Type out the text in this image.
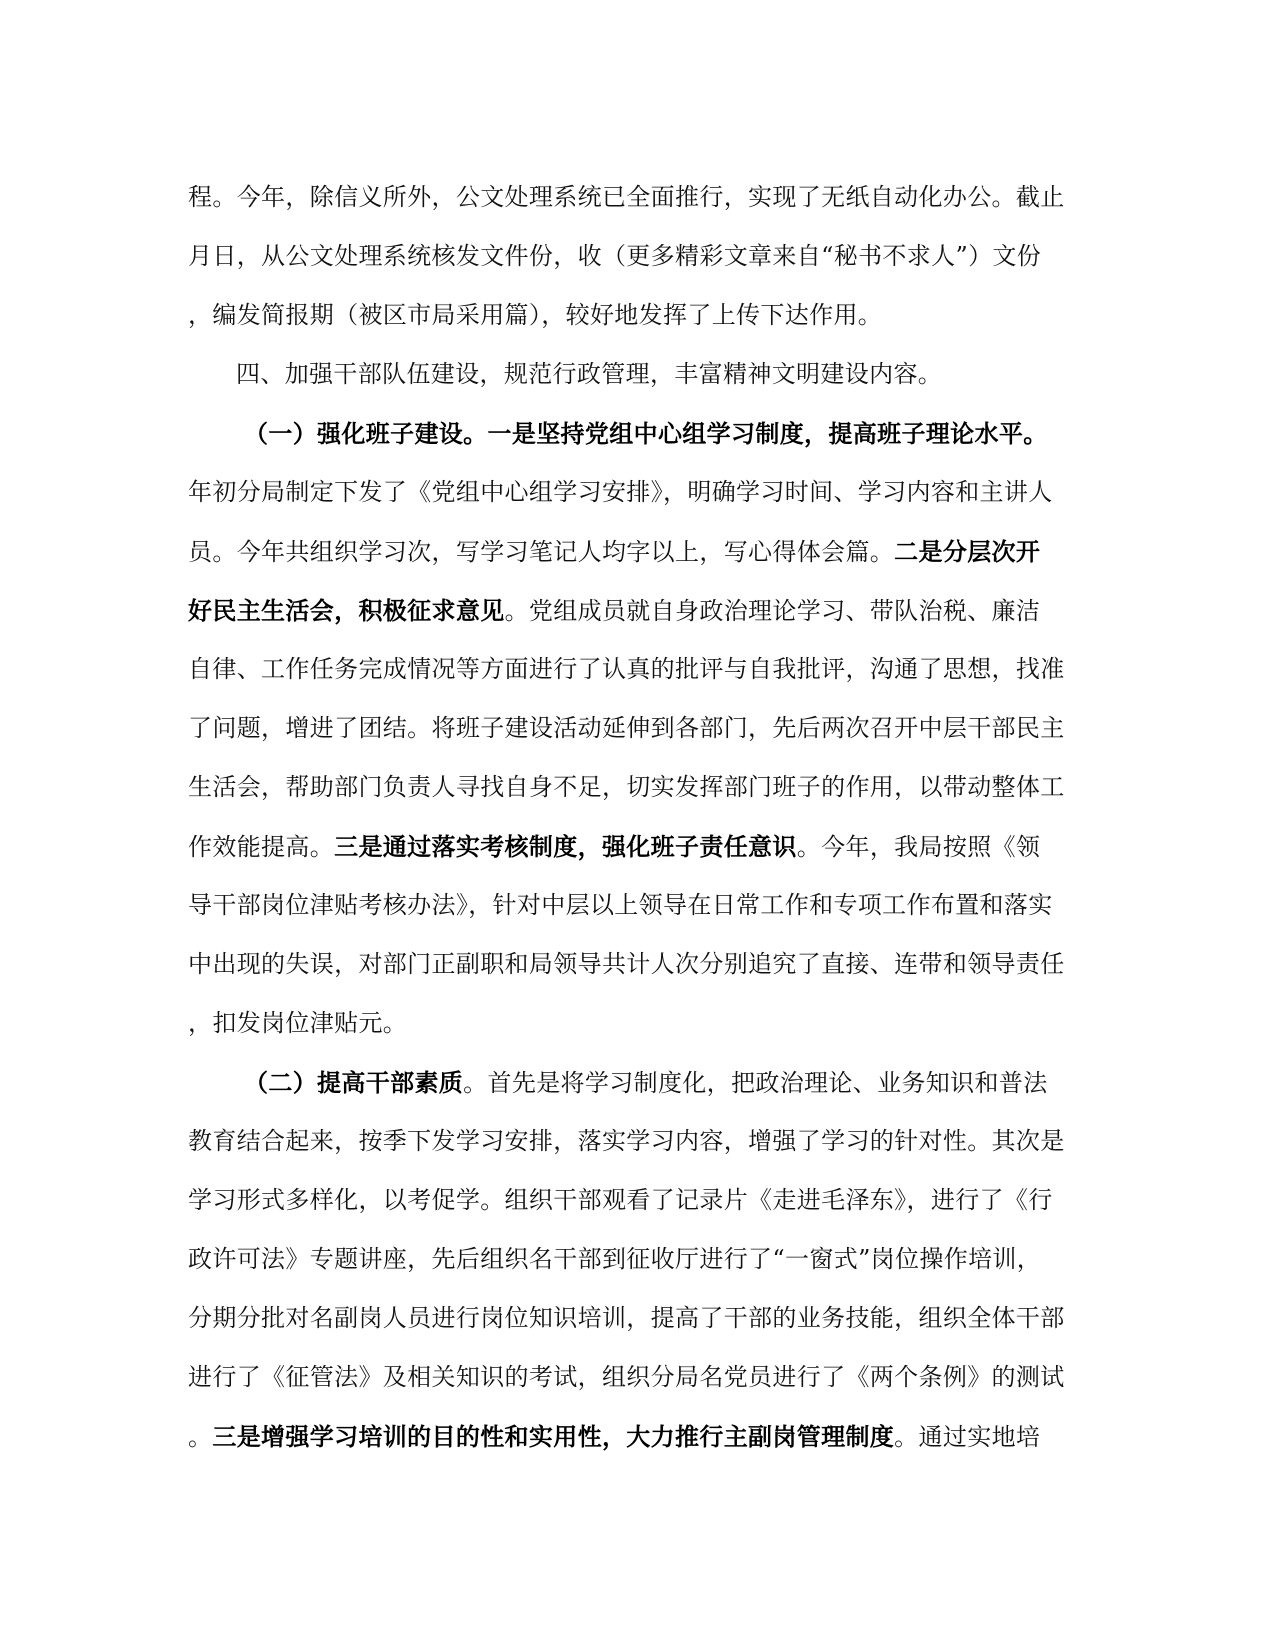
程。今年，除信义所外，公文处理系统已全面推行，实现了无纸自动化办公。截止
月日，从公文处理系统核发文件份，收（更多精彩文章来自“秘书不求人”）文份
，编发简报期（被区市局采用篇），较好地发挥了上传下达作用。
四、加强干部队伍建设，规范行政管理，丰富精神文明建设内容。
（一）强化班子建设。一是坚持党组中心组学习制度，提高班子理论水平。
年初分局制定下发了《党组中心组学习安排》，明确学习时间、学习内容和主讲人
员。今年共组织学习次，写学习笔记人均字以上，写心得体会篇。二是分层次开
好民主生活会，积极征求意见。党组成员就自身政治理论学习、带队治税、廉洁
自律、工作任务完成情况等方面进行了认真的批评与自我批评，沟通了思想，找准
了问题，增进了团结。将班子建设活动延伸到各部门，先后两次召开中层干部民主
生活会，帮助部门负责人寻找自身不足，切实发挥部门班子的作用，以带动整体工
作效能提高。三是通过落实考核制度，强化班子责任意识。今年，我局按照《领
导干部岗位津贴考核办法》，针对中层以上领导在日常工作和专项工作布置和落实
中出现的失误，对部门正副职和局领导共计人次分别追究了直接、连带和领导责任
，扣发岗位津贴元。
（二）提高干部素质。首先是将学习制度化，把政治理论、业务知识和普法
教育结合起来，按季下发学习安排，落实学习内容，增强了学习的针对性。其次是
学习形式多样化，以考促学。组织干部观看了记录片《走进毛泽东》，进行了《行
政许可法》专题讲座，先后组织名干部到征收厅进行了“一窗式”岗位操作培训，
分期分批对名副岗人员进行岗位知识培训，提高了干部的业务技能，组织全体干部
进行了《征管法》及相关知识的考试，组织分局名党员进行了《两个条例》的测试
。三是增强学习培训的目的性和实用性，大力推行主副岗管理制度。通过实地培
